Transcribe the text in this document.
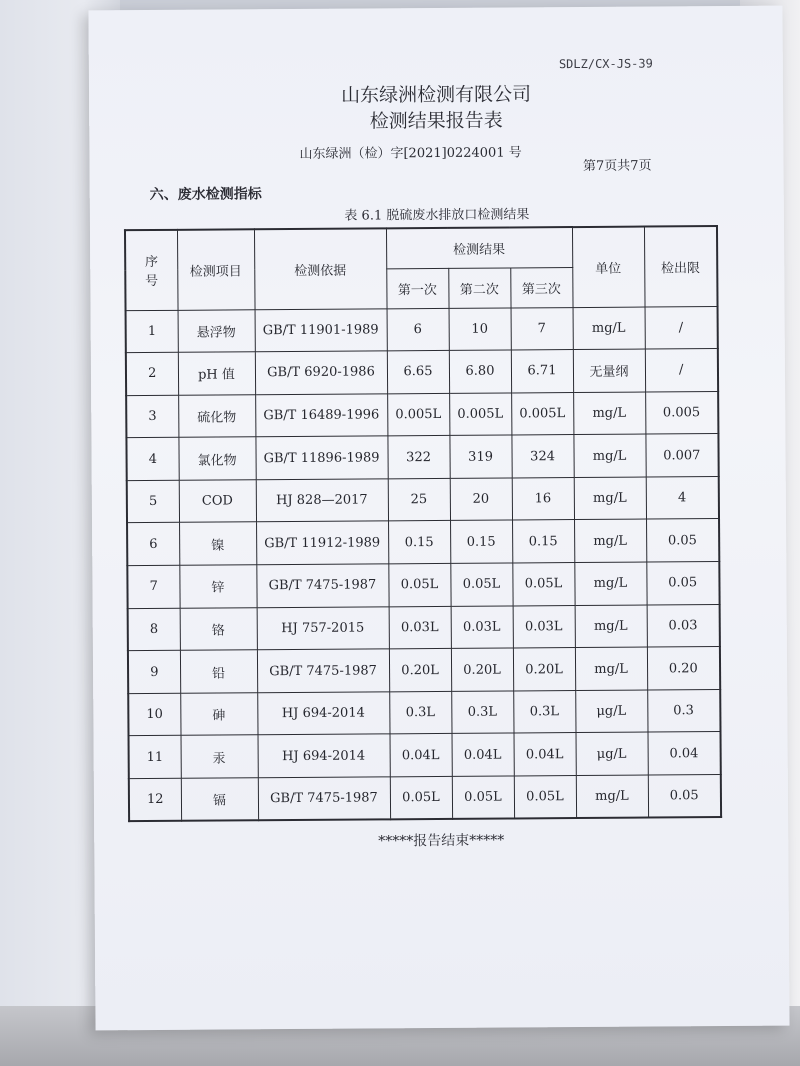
SDLZ/CX-JS-39
山东绿洲检测有限公司
检测结果报告表
山东绿洲（检）字[2021]0224001 号
第7页共7页
六、废水检测指标
表 6.1 脱硫废水排放口检测结果
序号	检测项目	检测依据	检测结果			单位	检出限
			第一次	第二次	第三次		
1	悬浮物	GB/T 11901-1989	6	10	7	mg/L	/
2	pH 值	GB/T 6920-1986	6.65	6.80	6.71	无量纲	/
3	硫化物	GB/T 16489-1996	0.005L	0.005L	0.005L	mg/L	0.005
4	氯化物	GB/T 11896-1989	322	319	324	mg/L	0.007
5	COD	HJ 828—2017	25	20	16	mg/L	4
6	镍	GB/T 11912-1989	0.15	0.15	0.15	mg/L	0.05
7	锌	GB/T 7475-1987	0.05L	0.05L	0.05L	mg/L	0.05
8	铬	HJ 757-2015	0.03L	0.03L	0.03L	mg/L	0.03
9	铅	GB/T 7475-1987	0.20L	0.20L	0.20L	mg/L	0.20
10	砷	HJ 694-2014	0.3L	0.3L	0.3L	μg/L	0.3
11	汞	HJ 694-2014	0.04L	0.04L	0.04L	μg/L	0.04
12	镉	GB/T 7475-1987	0.05L	0.05L	0.05L	mg/L	0.05
*****报告结束*****
